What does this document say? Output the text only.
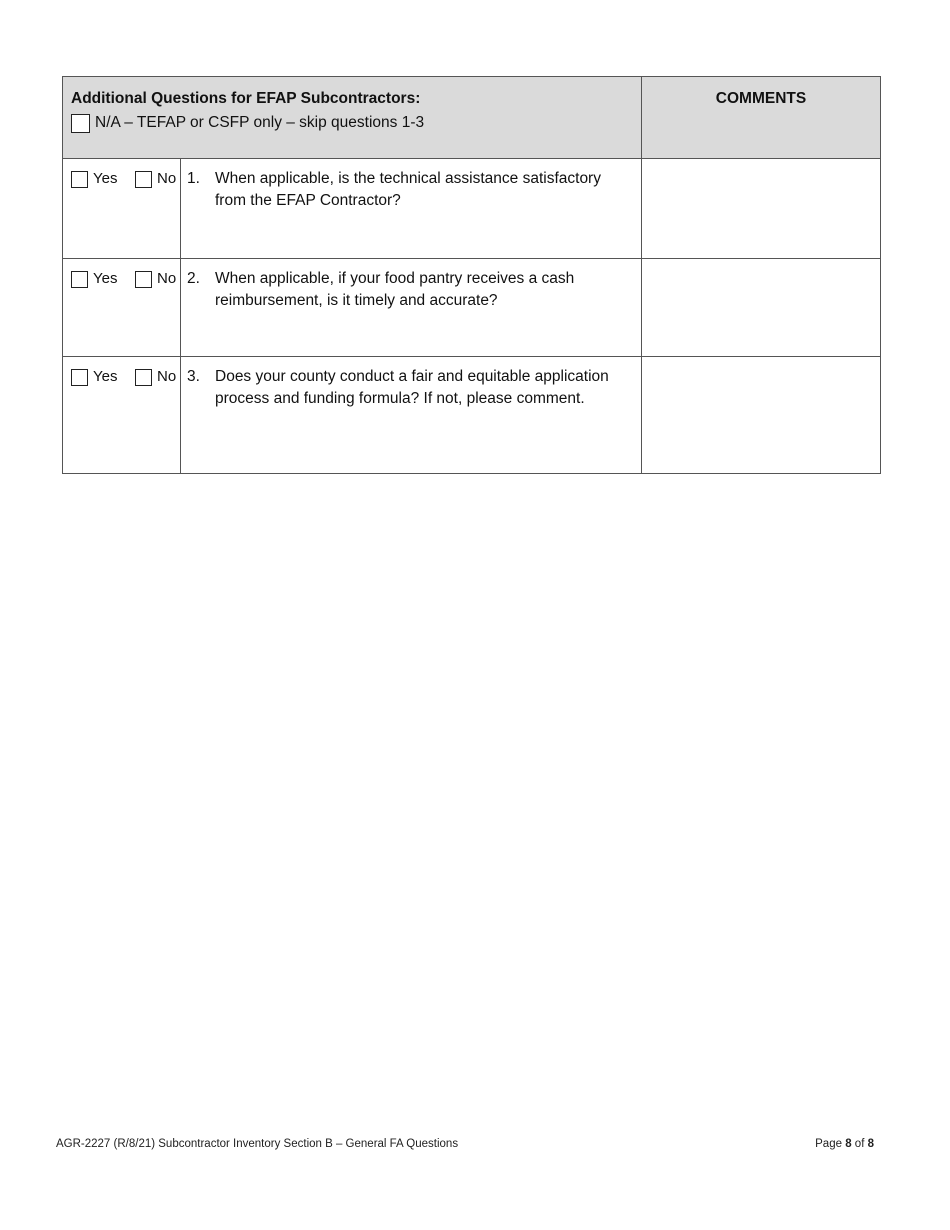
Additional Questions for EFAP Subcontractors:
N/A – TEFAP or CSFP only – skip questions 1-3		COMMENTS

Yes No	1. When applicable, is the technical assistance satisfactory from the EFAP Contractor?	

Yes No	2. When applicable, if your food pantry receives a cash reimbursement, is it timely and accurate?	

Yes No	3. Does your county conduct a fair and equitable application process and funding formula? If not, please comment.	

AGR-2227 (R/8/21) Subcontractor Inventory Section B – General FA Questions	Page 8 of 8
